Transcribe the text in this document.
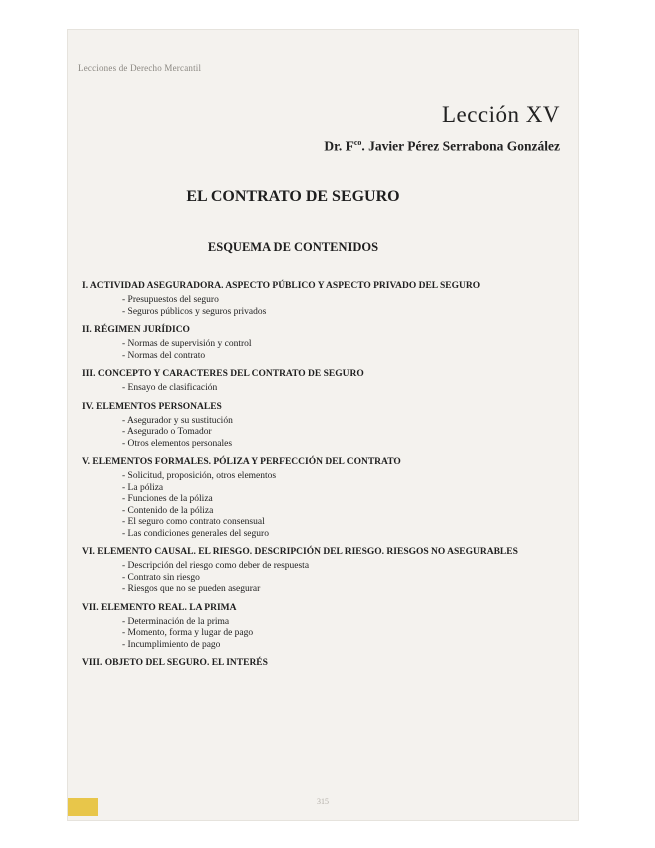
Lecciones de Derecho Mercantil
Lección XV
Dr. $F^{co}$. Javier Pérez Serrabona González
EL CONTRATO DE SEGURO
ESQUEMA DE CONTENIDOS
I. ACTIVIDAD ASEGURADORA. ASPECTO PÚBLICO Y ASPECTO PRIVADO DEL SEGURO
- Presupuestos del seguro
- Seguros públicos y seguros privados
II. RÉGIMEN JURÍDICO
- Normas de supervisión y control
- Normas del contrato
III. CONCEPTO Y CARACTERES DEL CONTRATO DE SEGURO
- Ensayo de clasificación
IV. ELEMENTOS PERSONALES
- Asegurador y su sustitución
- Asegurado o Tomador
- Otros elementos personales
V. ELEMENTOS FORMALES. PÓLIZA Y PERFECCIÓN DEL CONTRATO
- Solicitud, proposición, otros elementos
- La póliza
- Funciones de la póliza
- Contenido de la póliza
- El seguro como contrato consensual
- Las condiciones generales del seguro
VI. ELEMENTO CAUSAL. EL RIESGO. DESCRIPCIÓN DEL RIESGO. RIESGOS NO ASEGURABLES
- Descripción del riesgo como deber de respuesta
- Contrato sin riesgo
- Riesgos que no se pueden asegurar
VII. ELEMENTO REAL. LA PRIMA
- Determinación de la prima
- Momento, forma y lugar de pago
- Incumplimiento de pago
VIII. OBJETO DEL SEGURO. EL INTERÉS
315
